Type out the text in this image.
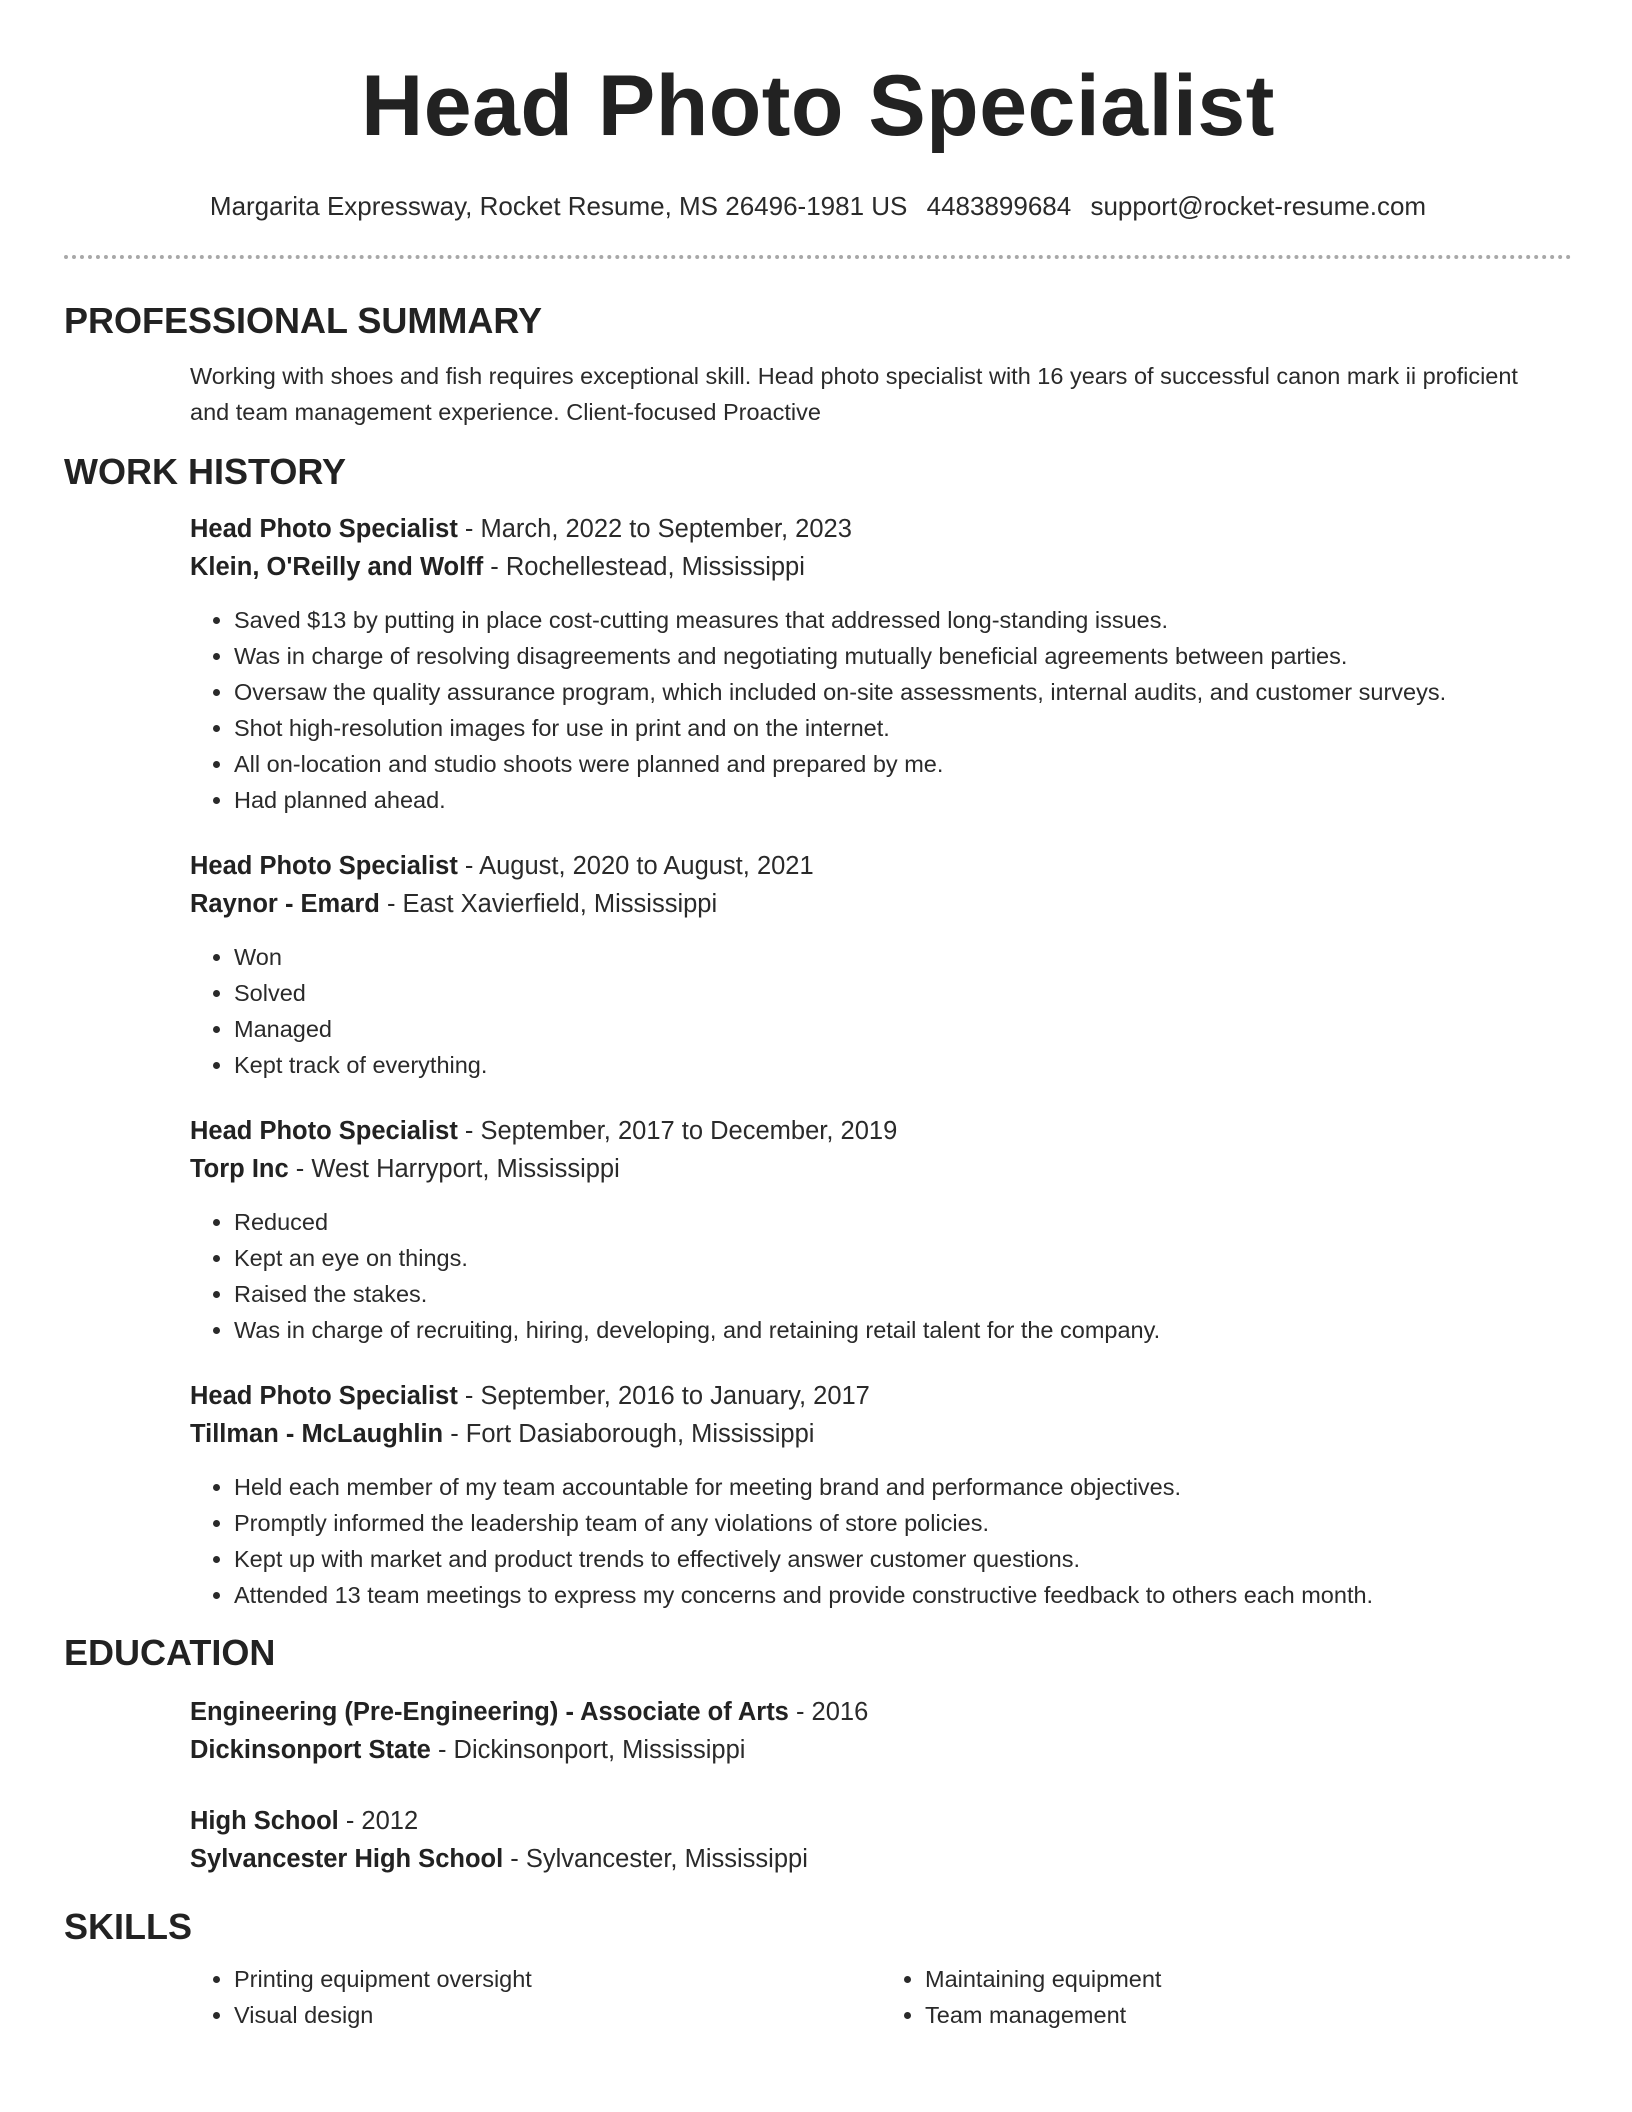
Head Photo Specialist
Margarita Expressway, Rocket Resume, MS 26496-1981 US 4483899684 support@rocket-resume.com
PROFESSIONAL SUMMARY
Working with shoes and fish requires exceptional skill. Head photo specialist with 16 years of successful canon mark ii proficient and team management experience. Client-focused Proactive
WORK HISTORY
Head Photo Specialist - March, 2022 to September, 2023
Klein, O'Reilly and Wolff - Rochellestead, Mississippi
• Saved $13 by putting in place cost-cutting measures that addressed long-standing issues.
• Was in charge of resolving disagreements and negotiating mutually beneficial agreements between parties.
• Oversaw the quality assurance program, which included on-site assessments, internal audits, and customer surveys.
• Shot high-resolution images for use in print and on the internet.
• All on-location and studio shoots were planned and prepared by me.
• Had planned ahead.
Head Photo Specialist - August, 2020 to August, 2021
Raynor - Emard - East Xavierfield, Mississippi
• Won
• Solved
• Managed
• Kept track of everything.
Head Photo Specialist - September, 2017 to December, 2019
Torp Inc - West Harryport, Mississippi
• Reduced
• Kept an eye on things.
• Raised the stakes.
• Was in charge of recruiting, hiring, developing, and retaining retail talent for the company.
Head Photo Specialist - September, 2016 to January, 2017
Tillman - McLaughlin - Fort Dasiaborough, Mississippi
• Held each member of my team accountable for meeting brand and performance objectives.
• Promptly informed the leadership team of any violations of store policies.
• Kept up with market and product trends to effectively answer customer questions.
• Attended 13 team meetings to express my concerns and provide constructive feedback to others each month.
EDUCATION
Engineering (Pre-Engineering) - Associate of Arts - 2016
Dickinsonport State - Dickinsonport, Mississippi
High School - 2012
Sylvancester High School - Sylvancester, Mississippi
SKILLS
• Printing equipment oversight
• Visual design
• Maintaining equipment
• Team management
